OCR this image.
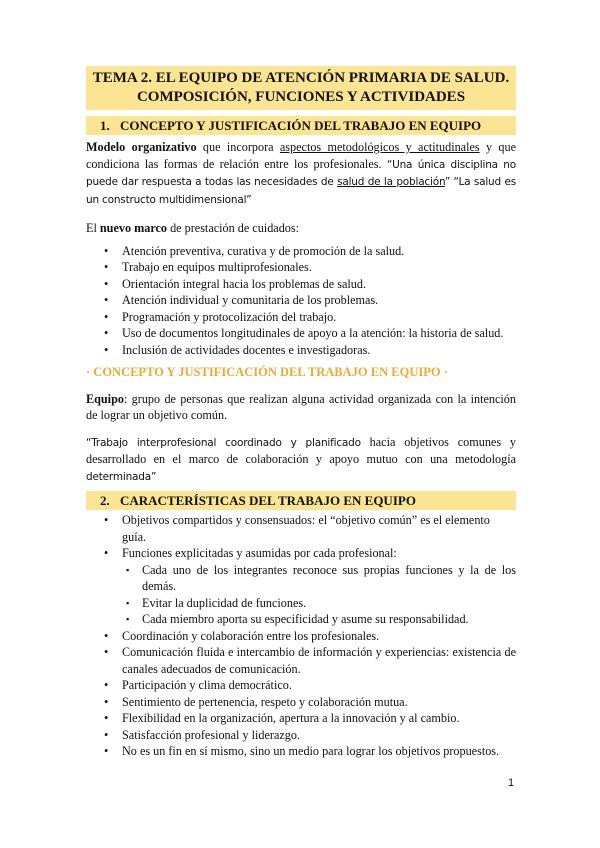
TEMA 2. EL EQUIPO DE ATENCIÓN PRIMARIA DE SALUD.
COMPOSICIÓN, FUNCIONES Y ACTIVIDADES
1. CONCEPTO Y JUSTIFICACIÓN DEL TRABAJO EN EQUIPO

Modelo organizativo que incorpora aspectos metodológicos y actitudinales y que condiciona las formas de relación entre los profesionales. “Una única disciplina no puede dar respuesta a todas las necesidades de salud de la población” “La salud es un constructo multidimensional”

El nuevo marco de prestación de cuidados:

• Atención preventiva, curativa y de promoción de la salud.
• Trabajo en equipos multiprofesionales.
• Orientación integral hacia los problemas de salud.
• Atención individual y comunitaria de los problemas.
• Programación y protocolización del trabajo.
• Uso de documentos longitudinales de apoyo a la atención: la historia de salud.
• Inclusión de actividades docentes e investigadoras.
· CONCEPTO Y JUSTIFICACIÓN DEL TRABAJO EN EQUIPO ·

Equipo: grupo de personas que realizan alguna actividad organizada con la intención de lograr un objetivo común.

“Trabajo interprofesional coordinado y planificado hacia objetivos comunes y desarrollado en el marco de colaboración y apoyo mutuo con una metodología determinada”

2. CARACTERÍSTICAS DEL TRABAJO EN EQUIPO
• Objetivos compartidos y consensuados: el “objetivo común” es el elemento guía.
• Funciones explicitadas y asumidas por cada profesional:
▪ Cada uno de los integrantes reconoce sus propias funciones y la de los demás.
▪ Evitar la duplicidad de funciones.
▪ Cada miembro aporta su especificidad y asume su responsabilidad.
• Coordinación y colaboración entre los profesionales.
• Comunicación fluida e intercambio de información y experiencias: existencia de canales adecuados de comunicación.
• Participación y clima democrático.
• Sentimiento de pertenencia, respeto y colaboración mutua.
• Flexibilidad en la organización, apertura a la innovación y al cambio.
• Satisfacción profesional y liderazgo.
• No es un fin en sí mismo, sino un medio para lograr los objetivos propuestos.
1
